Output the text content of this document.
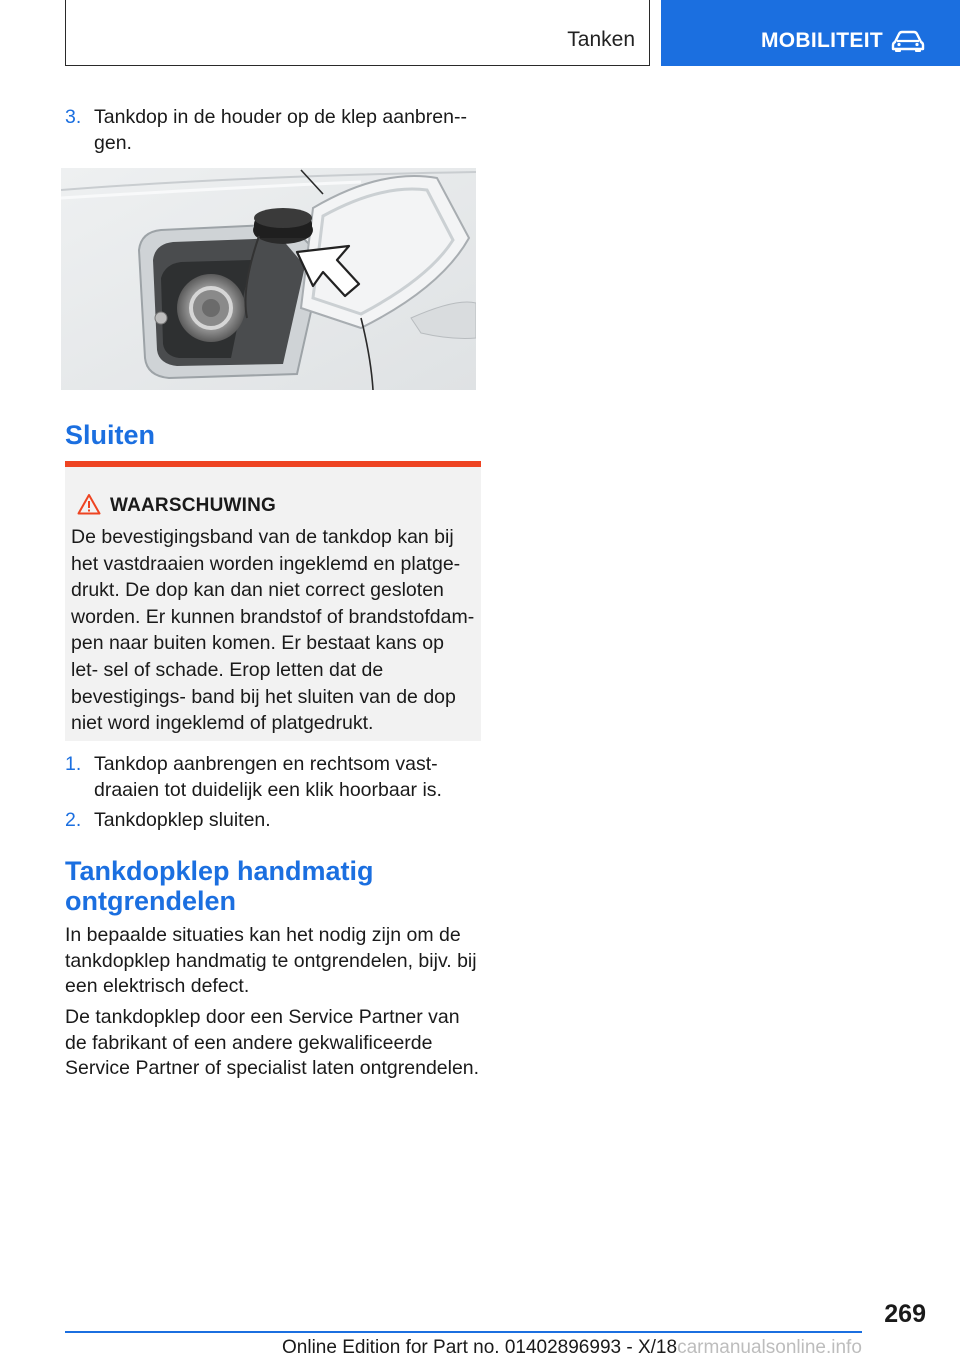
Tanken	MOBILITEIT
3. Tankdop in de houder op de klep aanbren-gen.
Sluiten
WAARSCHUWING
De bevestigingsband van de tankdop kan bij het vastdraaien worden ingeklemd en platge- drukt. De dop kan dan niet correct gesloten worden. Er kunnen brandstof of brandstofdam- pen naar buiten komen. Er bestaat kans op let- sel of schade. Erop letten dat de bevestigings- band bij het sluiten van de dop niet word ingeklemd of platgedrukt.
1. Tankdop aanbrengen en rechtsom vast- draaien tot duidelijk een klik hoorbaar is.
2. Tankdopklep sluiten.
Tankdopklep handmatig ontgrendelen
In bepaalde situaties kan het nodig zijn om de tankdopklep handmatig te ontgrendelen, bijv. bij een elektrisch defect.
De tankdopklep door een Service Partner van de fabrikant of een andere gekwalificeerde Service Partner of specialist laten ontgrendelen.
269
Online Edition for Part no. 01402896993 - X/18carmanualsonline.info
